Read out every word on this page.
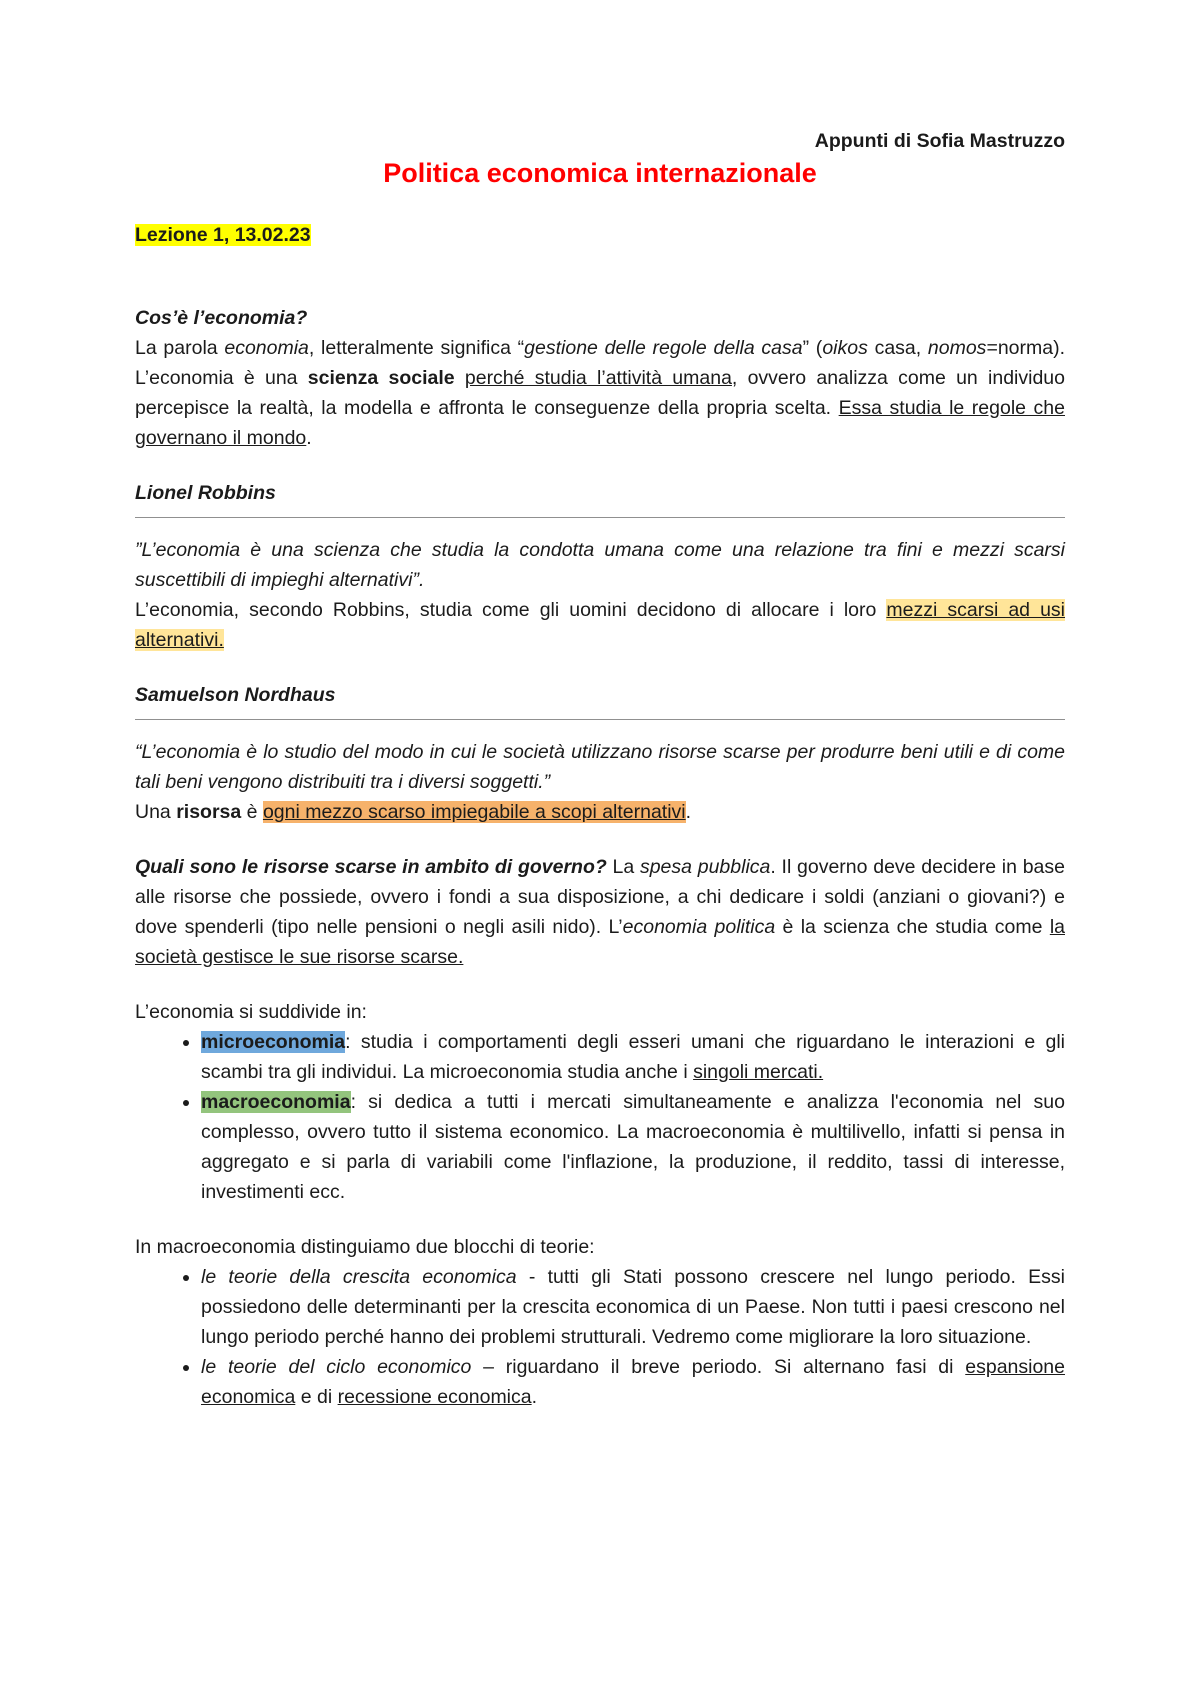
Appunti di Sofia Mastruzzo
Politica economica internazionale

Lezione 1, 13.02.23

Cos’è l’economia?

La parola economia, letteralmente significa “gestione delle regole della casa” (oikos casa, nomos=norma). L’economia è una scienza sociale perché studia l’attività umana, ovvero analizza come un individuo percepisce la realtà, la modella e affronta le conseguenze della propria scelta. Essa studia le regole che governano il mondo.

Lionel Robbins

”L’economia è una scienza che studia la condotta umana come una relazione tra fini e mezzi scarsi suscettibili di impieghi alternativi”.

L’economia, secondo Robbins, studia come gli uomini decidono di allocare i loro mezzi scarsi ad usi alternativi.

Samuelson Nordhaus

“L’economia è lo studio del modo in cui le società utilizzano risorse scarse per produrre beni utili e di come tali beni vengono distribuiti tra i diversi soggetti.”

Una risorsa è ogni mezzo scarso impiegabile a scopi alternativi.

Quali sono le risorse scarse in ambito di governo? La spesa pubblica. Il governo deve decidere in base alle risorse che possiede, ovvero i fondi a sua disposizione, a chi dedicare i soldi (anziani o giovani?) e dove spenderli (tipo nelle pensioni o negli asili nido). L’economia politica è la scienza che studia come la società gestisce le sue risorse scarse.

L’economia si suddivide in:

• microeconomia: studia i comportamenti degli esseri umani che riguardano le interazioni e gli scambi tra gli individui. La microeconomia studia anche i singoli mercati.
• macroeconomia: si dedica a tutti i mercati simultaneamente e analizza l'economia nel suo complesso, ovvero tutto il sistema economico. La macroeconomia è multilivello, infatti si pensa in aggregato e si parla di variabili come l'inflazione, la produzione, il reddito, tassi di interesse, investimenti ecc.

In macroeconomia distinguiamo due blocchi di teorie:

• le teorie della crescita economica - tutti gli Stati possono crescere nel lungo periodo. Essi possiedono delle determinanti per la crescita economica di un Paese. Non tutti i paesi crescono nel lungo periodo perché hanno dei problemi strutturali. Vedremo come migliorare la loro situazione.
• le teorie del ciclo economico – riguardano il breve periodo. Si alternano fasi di espansione economica e di recessione economica.
